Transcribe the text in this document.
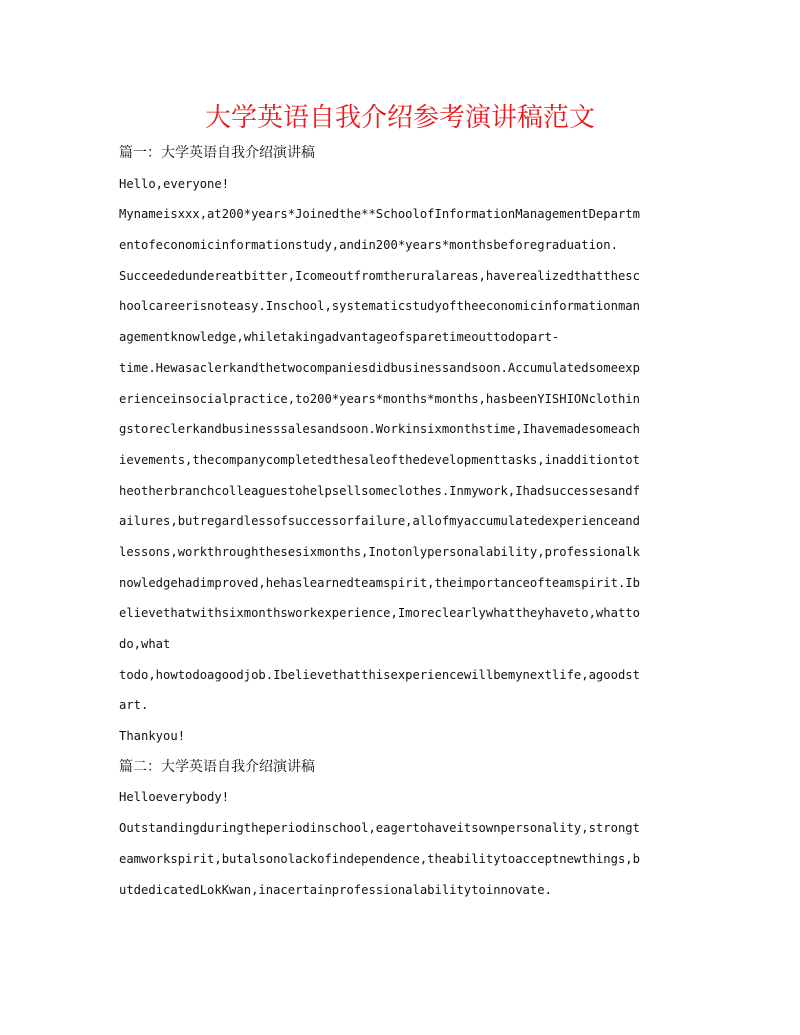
大学英语自我介绍参考演讲稿范文
篇一：大学英语自我介绍演讲稿
Hello,everyone!
Mynameisxxx,at200*years*Joinedthe**SchoolofInformationManagementDepartm
entofeconomicinformationstudy,andin200*years*monthsbeforegraduation.
Succeededundereatbitter,Icomeoutfromtheruralareas,haverealizedthatthesc
hoolcareerisnoteasy.Inschool,systematicstudyoftheeconomicinformationman
agementknowledge,whiletakingadvantageofsparetimeouttodopart-
time.Hewasaclerkandthetwocompaniesdidbusinessandsoon.Accumulatedsomeexp
erienceinsocialpractice,to200*years*months*months,hasbeenYISHIONclothin
gstoreclerkandbusinesssalesandsoon.Workinsixmonthstime,Ihavemadesomeach
ievements,thecompanycompletedthesaleofthedevelopmenttasks,inadditiontot
heotherbranchcolleaguestohelpsellsomeclothes.Inmywork,Ihadsuccessesandf
ailures,butregardlessofsuccessorfailure,allofmyaccumulatedexperienceand
lessons,workthroughthesesixmonths,Inotonlypersonalability,professionalk
nowledgehadimproved,hehaslearnedteamspirit,theimportanceofteamspirit.Ib
elievethatwithsixmonthsworkexperience,Imoreclearlywhattheyhaveto,whatto
do,what
todo,howtodoagoodjob.Ibelievethatthisexperiencewillbemynextlife,agoodst
art.
Thankyou!
篇二：大学英语自我介绍演讲稿
Helloeverybody!
Outstandingduringtheperiodinschool,eagertohaveitsownpersonality,strongt
eamworkspirit,butalsonolackofindependence,theabilitytoacceptnewthings,b
utdedicatedLokKwan,inacertainprofessionalabilitytoinnovate.
